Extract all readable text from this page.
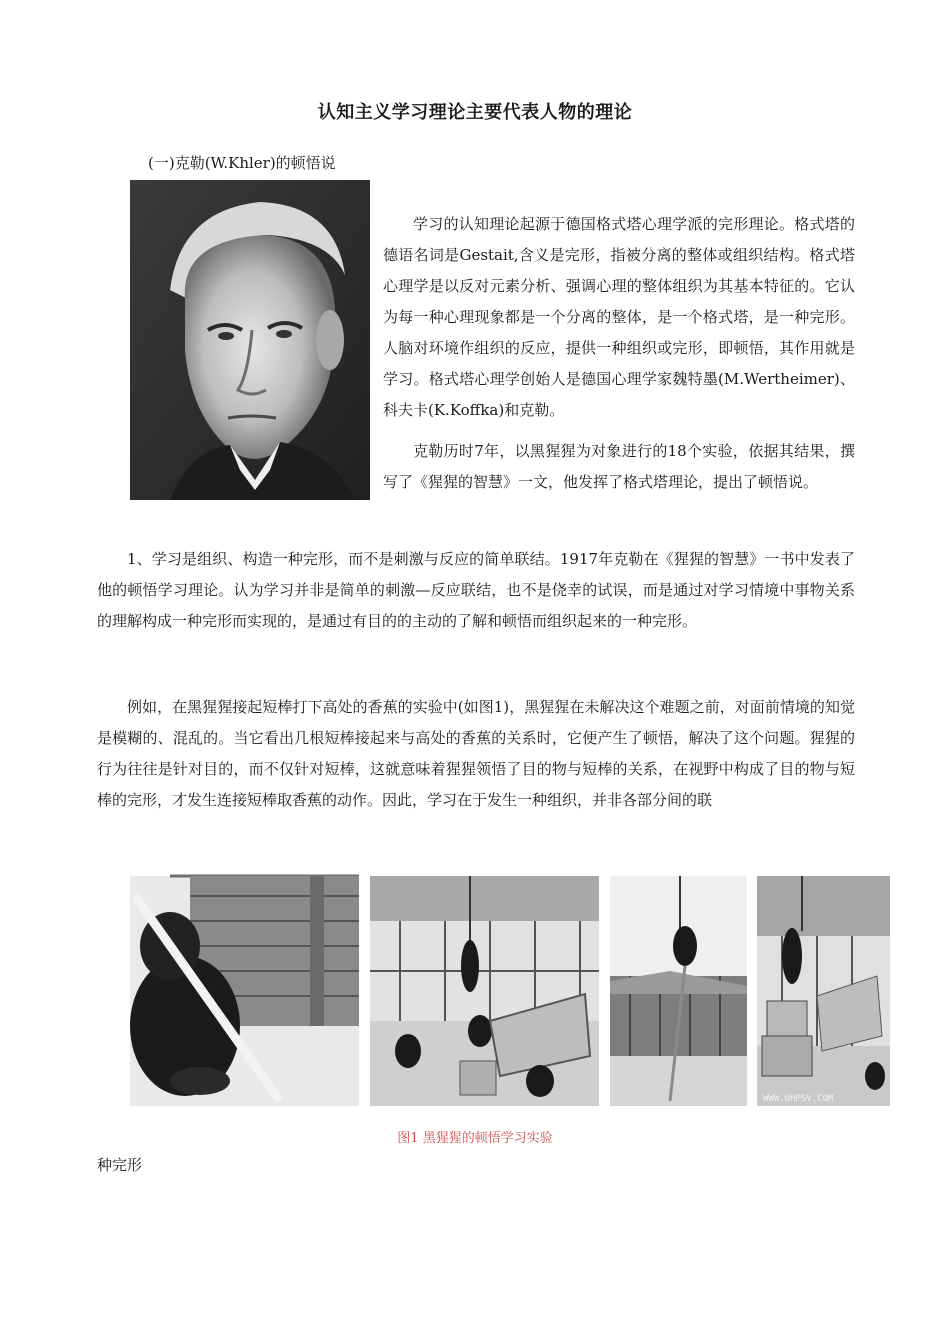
认知主义学习理论主要代表人物的理论
(一)克勒(W.Khler)的顿悟说

学习的认知理论起源于德国格式塔心理学派的完形理论。格式塔的德语名词是Gestait,含义是完形，指被分离的整体或组织结构。格式塔心理学是以反对元素分析、强调心理的整体组织为其基本特征的。它认为每一种心理现象都是一个分离的整体，是一个格式塔，是一种完形。人脑对环境作组织的反应，提供一种组织或完形，即顿悟，其作用就是学习。格式塔心理学创始人是德国心理学家魏特墨(M.Wertheimer)、科夫卡(K.Koffka)和克勒。

克勒历时7年，以黑猩猩为对象进行的18个实验，依据其结果，撰写了《猩猩的智慧》一文，他发挥了格式塔理论，提出了顿悟说。

1、学习是组织、构造一种完形，而不是刺激与反应的简单联结。1917年克勒在《猩猩的智慧》一书中发表了他的顿悟学习理论。认为学习并非是简单的刺激—反应联结，也不是侥幸的试误，而是通过对学习情境中事物关系的理解构成一种完形而实现的，是通过有目的的主动的了解和顿悟而组织起来的一种完形。

例如，在黑猩猩接起短棒打下高处的香蕉的实验中(如图1)，黑猩猩在未解决这个难题之前，对面前情境的知觉是模糊的、混乱的。当它看出几根短棒接起来与高处的香蕉的关系时，它便产生了顿悟，解决了这个问题。猩猩的行为往往是针对目的，而不仅针对短棒，这就意味着猩猩领悟了目的物与短棒的关系，在视野中构成了目的物与短棒的完形，才发生连接短棒取香蕉的动作。因此，学习在于发生一种组织，并非各部分间的联

WWW.UHPSV.COM
图1 黑猩猩的顿悟学习实验
种完形
